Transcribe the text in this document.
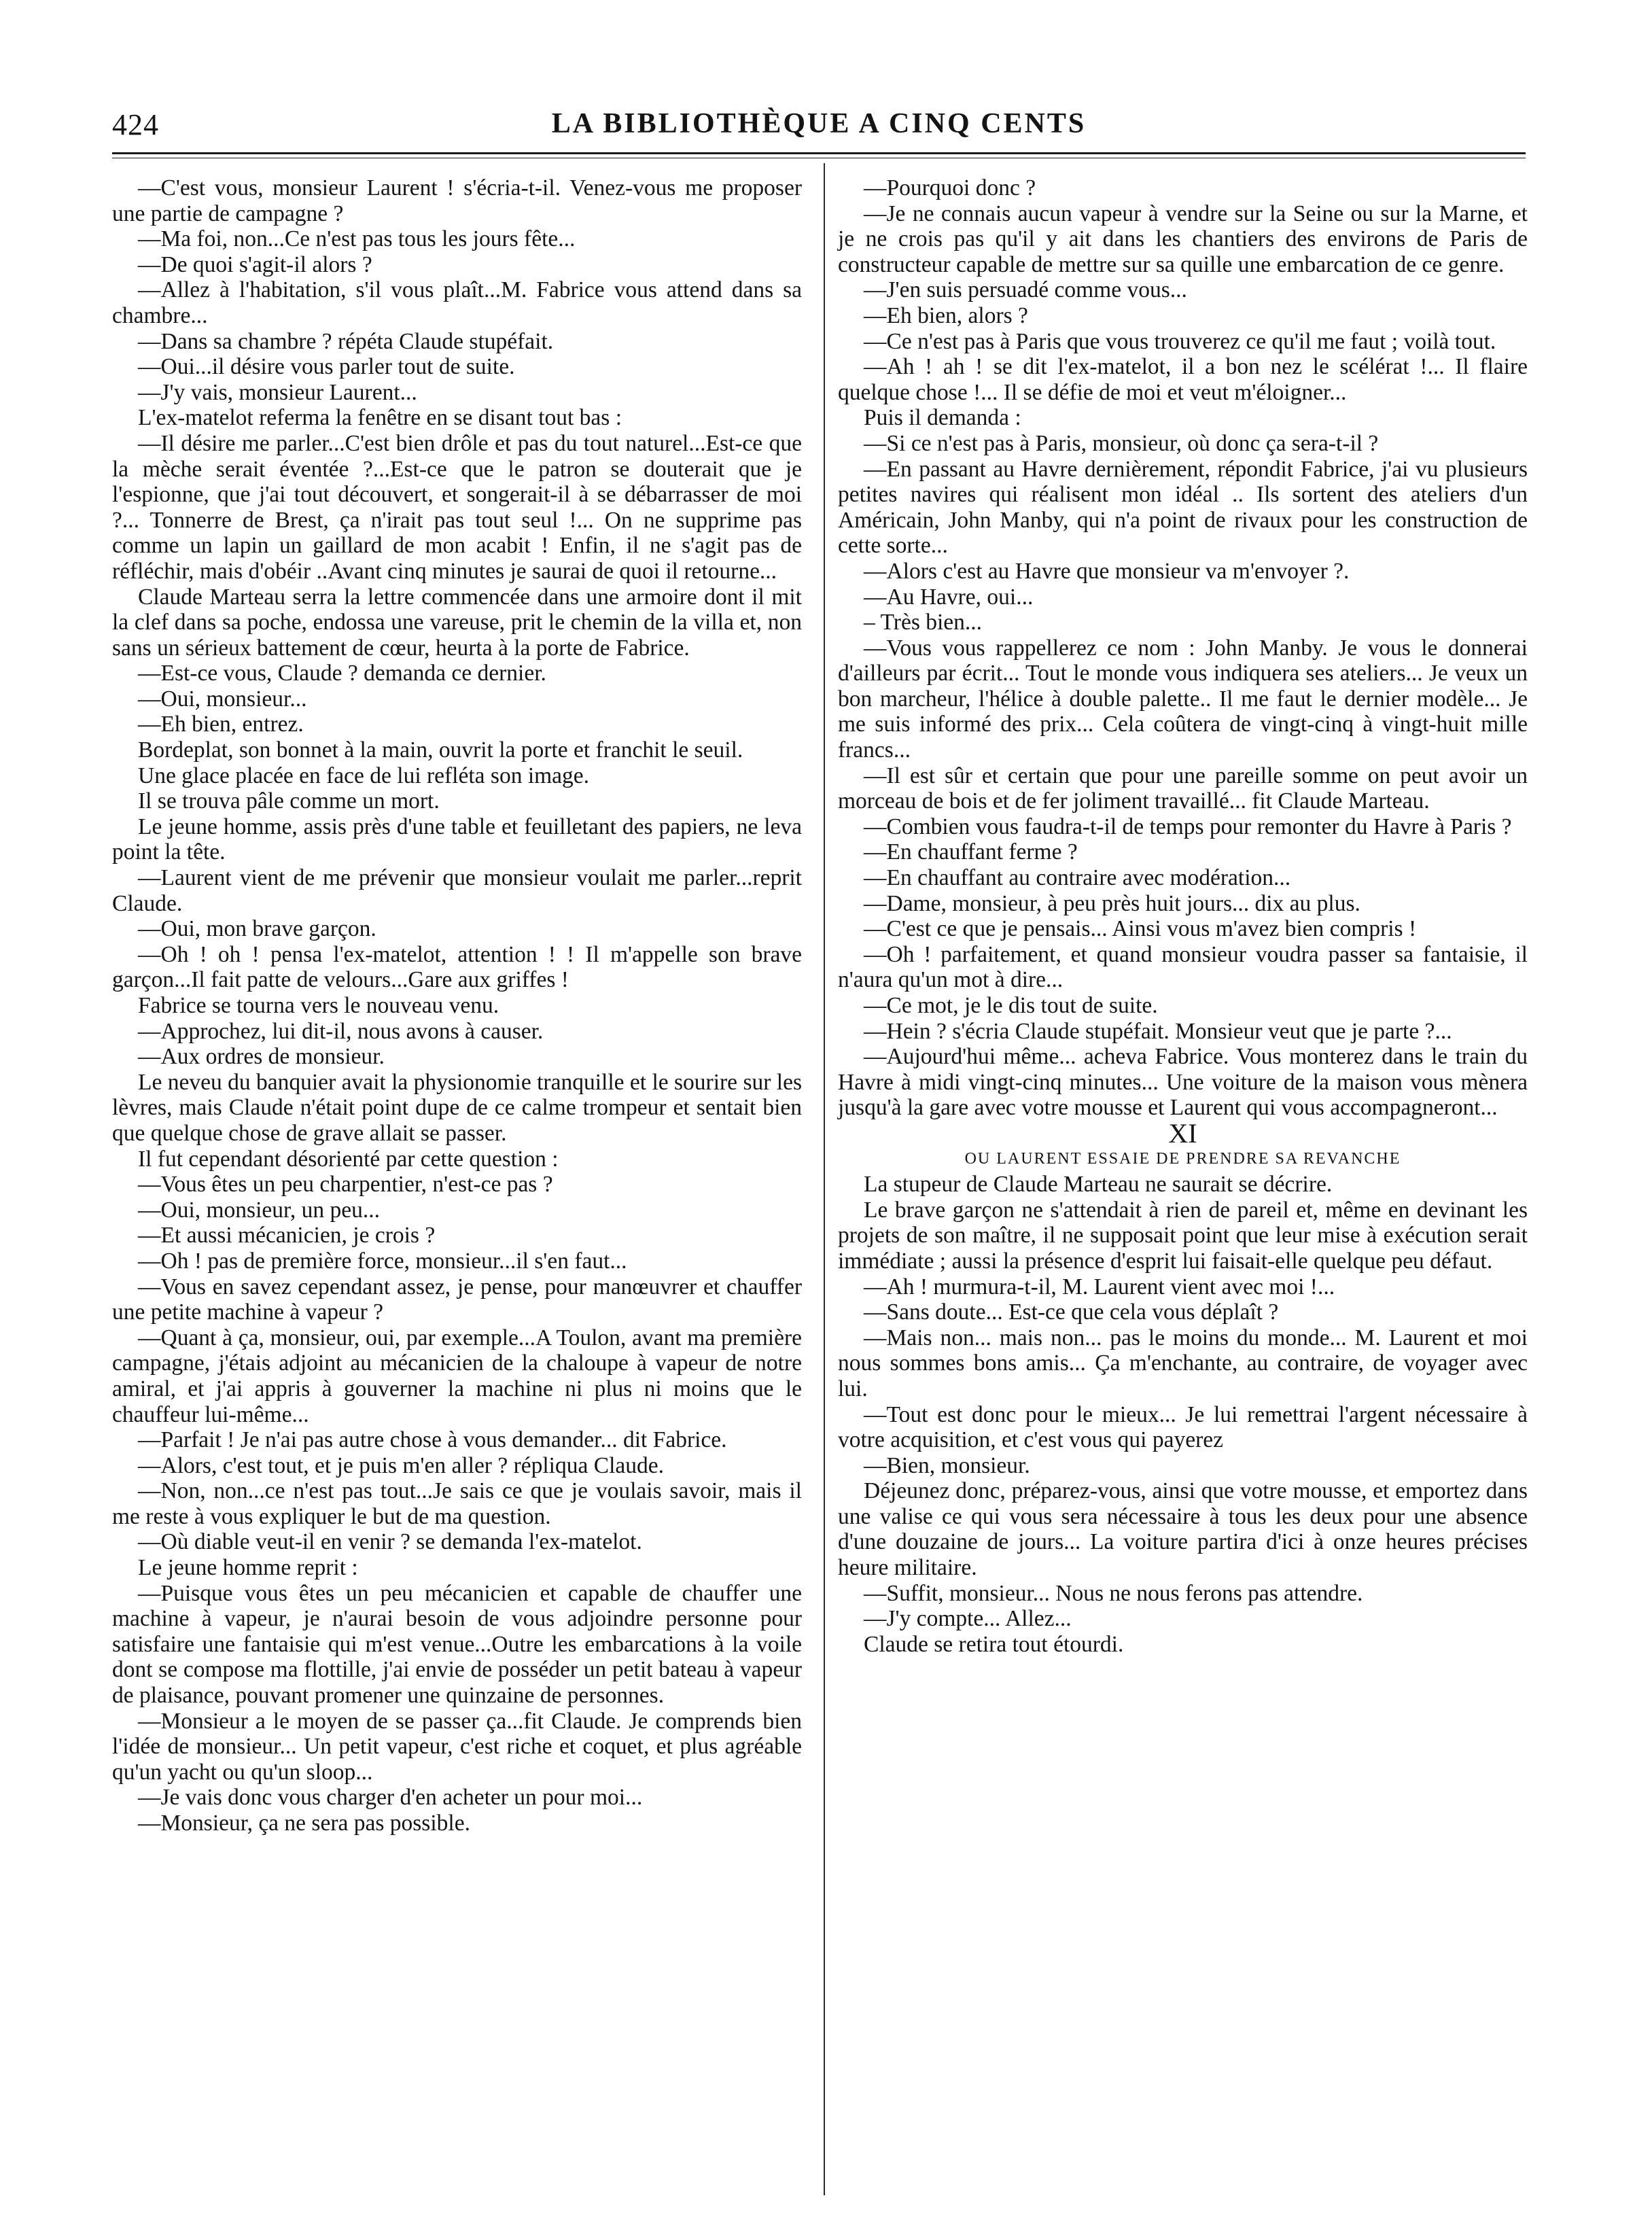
424	LA BIBLIOTHÈQUE A CINQ CENTS

—C'est vous, monsieur Laurent ! s'écria-t-il. Venez-vous me proposer une partie de campagne ?

—Ma foi, non...Ce n'est pas tous les jours fête...

—De quoi s'agit-il alors ?

—Allez à l'habitation, s'il vous plaît...M. Fabrice vous attend dans sa chambre...

—Dans sa chambre ? répéta Claude stupéfait.

—Oui...il désire vous parler tout de suite.

—J'y vais, monsieur Laurent...

L'ex-matelot referma la fenêtre en se disant tout bas :

—Il désire me parler...C'est bien drôle et pas du tout naturel...Est-ce que la mèche serait éventée ?...Est-ce que le patron se douterait que je l'espionne, que j'ai tout découvert, et songerait-il à se débarrasser de moi ?... Tonnerre de Brest, ça n'irait pas tout seul !... On ne supprime pas comme un lapin un gaillard de mon acabit ! Enfin, il ne s'agit pas de réfléchir, mais d'obéir ..Avant cinq minutes je saurai de quoi il retourne...

Claude Marteau serra la lettre commencée dans une armoire dont il mit la clef dans sa poche, endossa une vareuse, prit le chemin de la villa et, non sans un sérieux battement de cœur, heurta à la porte de Fabrice.

—Est-ce vous, Claude ? demanda ce dernier.

—Oui, monsieur...

—Eh bien, entrez.

Bordeplat, son bonnet à la main, ouvrit la porte et franchit le seuil.

Une glace placée en face de lui refléta son image.

Il se trouva pâle comme un mort.

Le jeune homme, assis près d'une table et feuilletant des papiers, ne leva point la tête.

—Laurent vient de me prévenir que monsieur voulait me parler...reprit Claude.

—Oui, mon brave garçon.

—Oh ! oh ! pensa l'ex-matelot, attention ! ! Il m'appelle son brave garçon...Il fait patte de velours...Gare aux griffes !

Fabrice se tourna vers le nouveau venu.

—Approchez, lui dit-il, nous avons à causer.

—Aux ordres de monsieur.

Le neveu du banquier avait la physionomie tranquille et le sourire sur les lèvres, mais Claude n'était point dupe de ce calme trompeur et sentait bien que quelque chose de grave allait se passer.

Il fut cependant désorienté par cette question :

—Vous êtes un peu charpentier, n'est-ce pas ?

—Oui, monsieur, un peu...

—Et aussi mécanicien, je crois ?

—Oh ! pas de première force, monsieur...il s'en faut...

—Vous en savez cependant assez, je pense, pour manœuvrer et chauffer une petite machine à vapeur ?

—Quant à ça, monsieur, oui, par exemple...A Toulon, avant ma première campagne, j'étais adjoint au mécanicien de la chaloupe à vapeur de notre amiral, et j'ai appris à gouverner la machine ni plus ni moins que le chauffeur lui-même...

—Parfait ! Je n'ai pas autre chose à vous demander... dit Fabrice.

—Alors, c'est tout, et je puis m'en aller ? répliqua Claude.

—Non, non...ce n'est pas tout...Je sais ce que je voulais savoir, mais il me reste à vous expliquer le but de ma question.

—Où diable veut-il en venir ? se demanda l'ex-matelot.

Le jeune homme reprit :

—Puisque vous êtes un peu mécanicien et capable de chauffer une machine à vapeur, je n'aurai besoin de vous adjoindre personne pour satisfaire une fantaisie qui m'est venue...Outre les embarcations à la voile dont se compose ma flottille, j'ai envie de posséder un petit bateau à vapeur de plaisance, pouvant promener une quinzaine de personnes.

—Monsieur a le moyen de se passer ça...fit Claude. Je comprends bien l'idée de monsieur... Un petit vapeur, c'est riche et coquet, et plus agréable qu'un yacht ou qu'un sloop...

—Je vais donc vous charger d'en acheter un pour moi...

—Monsieur, ça ne sera pas possible.

—Pourquoi donc ?

—Je ne connais aucun vapeur à vendre sur la Seine ou sur la Marne, et je ne crois pas qu'il y ait dans les chantiers des environs de Paris de constructeur capable de mettre sur sa quille une embarcation de ce genre.

—J'en suis persuadé comme vous...

—Eh bien, alors ?

—Ce n'est pas à Paris que vous trouverez ce qu'il me faut ; voilà tout.

—Ah ! ah ! se dit l'ex-matelot, il a bon nez le scélérat !... Il flaire quelque chose !... Il se défie de moi et veut m'éloigner...

Puis il demanda :

—Si ce n'est pas à Paris, monsieur, où donc ça sera-t-il ?

—En passant au Havre dernièrement, répondit Fabrice, j'ai vu plusieurs petites navires qui réalisent mon idéal .. Ils sortent des ateliers d'un Américain, John Manby, qui n'a point de rivaux pour les construction de cette sorte...

—Alors c'est au Havre que monsieur va m'envoyer ?.

—Au Havre, oui...

– Très bien...

—Vous vous rappellerez ce nom : John Manby. Je vous le donnerai d'ailleurs par écrit... Tout le monde vous indiquera ses ateliers... Je veux un bon marcheur, l'hélice à double palette.. Il me faut le dernier modèle... Je me suis informé des prix... Cela coûtera de vingt-cinq à vingt-huit mille francs...

—Il est sûr et certain que pour une pareille somme on peut avoir un morceau de bois et de fer joliment travaillé... fit Claude Marteau.

—Combien vous faudra-t-il de temps pour remonter du Havre à Paris ?

—En chauffant ferme ?

—En chauffant au contraire avec modération...

—Dame, monsieur, à peu près huit jours... dix au plus.

—C'est ce que je pensais... Ainsi vous m'avez bien compris !

—Oh ! parfaitement, et quand monsieur voudra passer sa fantaisie, il n'aura qu'un mot à dire...

—Ce mot, je le dis tout de suite.

—Hein ? s'écria Claude stupéfait. Monsieur veut que je parte ?...

—Aujourd'hui même... acheva Fabrice. Vous monterez dans le train du Havre à midi vingt-cinq minutes... Une voiture de la maison vous mènera jusqu'à la gare avec votre mousse et Laurent qui vous accompagneront...

XI

OU LAURENT ESSAIE DE PRENDRE SA REVANCHE

La stupeur de Claude Marteau ne saurait se décrire.

Le brave garçon ne s'attendait à rien de pareil et, même en devinant les projets de son maître, il ne supposait point que leur mise à exécution serait immédiate ; aussi la présence d'esprit lui faisait-elle quelque peu défaut.

—Ah ! murmura-t-il, M. Laurent vient avec moi !...

—Sans doute... Est-ce que cela vous déplaît ?

—Mais non... mais non... pas le moins du monde... M. Laurent et moi nous sommes bons amis... Ça m'enchante, au contraire, de voyager avec lui.

—Tout est donc pour le mieux... Je lui remettrai l'argent nécessaire à votre acquisition, et c'est vous qui payerez

—Bien, monsieur.

Déjeunez donc, préparez-vous, ainsi que votre mousse, et emportez dans une valise ce qui vous sera nécessaire à tous les deux pour une absence d'une douzaine de jours... La voiture partira d'ici à onze heures précises heure militaire.

—Suffit, monsieur... Nous ne nous ferons pas attendre.

—J'y compte... Allez...

Claude se retira tout étourdi.
